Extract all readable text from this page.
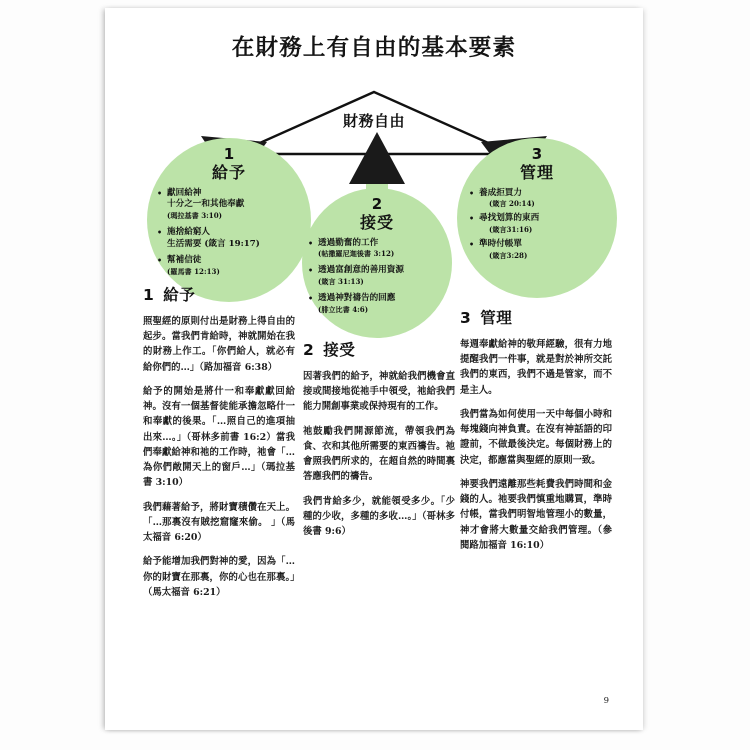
在財務上有自由的基本要素
財務自由
1
給予
• 獻回給神
十分之一和其他奉獻
(瑪拉基書 3:10)
• 施捨給窮人
生活需要 (箴言 19:17)
• 幫補信徒
(羅馬書 12:13)
2
接受
• 透過勤奮的工作
(帖撒羅尼迦後書 3:12)
• 透過富創意的善用資源
(箴言 31:13)
• 透過神對禱告的回應
(腓立比書 4:6)
3
管理
• 養成拒買力
(箴言 20:14)
• 尋找划算的東西
(箴言31:16)
• 準時付帳單
(箴言3:28)
1 給予

照聖經的原則付出是財務上得自由的起步。當我們肯給時，神就開始在我的財務上作工。「你們給人，就必有給你們的…」（路加福音 6:38）

給予的開始是將什一和奉獻獻回給神。沒有一個基督徒能承擔忽略什一和奉獻的後果。「…照自己的進項抽出來…。」（哥林多前書 16:2）當我們奉獻給神和祂的工作時，祂會「…為你們敞開天上的窗戶…」（瑪拉基書 3:10）

我們藉著給予，將財寶積儹在天上。「…那裏沒有賊挖窟窿來偷。 」（馬太福音 6:20）

給予能增加我們對神的愛，因為「…你的財寶在那裏，你的心也在那裏。」（馬太福音 6:21）

2 接受

因著我們的給予，神就給我們機會直接或間接地從祂手中領受，祂給我們能力開創事業或保持現有的工作。

祂鼓勵我們開源節流，帶領我們為食、衣和其他所需要的東西禱告。祂會照我們所求的，在超自然的時間裏答應我們的禱告。

我們肯給多少，就能領受多少。「少種的少收，多種的多收…。」（哥林多後書 9:6）

3 管理

每週奉獻給神的敬拜經驗，很有力地提醒我們一件事，就是對於神所交託我們的東西，我們不過是管家，而不是主人。

我們當為如何使用一天中每個小時和每塊錢向神負責。在沒有神話語的印證前，不做最後決定。每個財務上的決定，都應當與聖經的原則一致。

神要我們遠離那些耗費我們時間和金錢的人。祂要我們慎重地購買，準時付帳，當我們明智地管理小的數量，神才會將大數量交給我們管理。（參閱路加福音 16:10）

9
